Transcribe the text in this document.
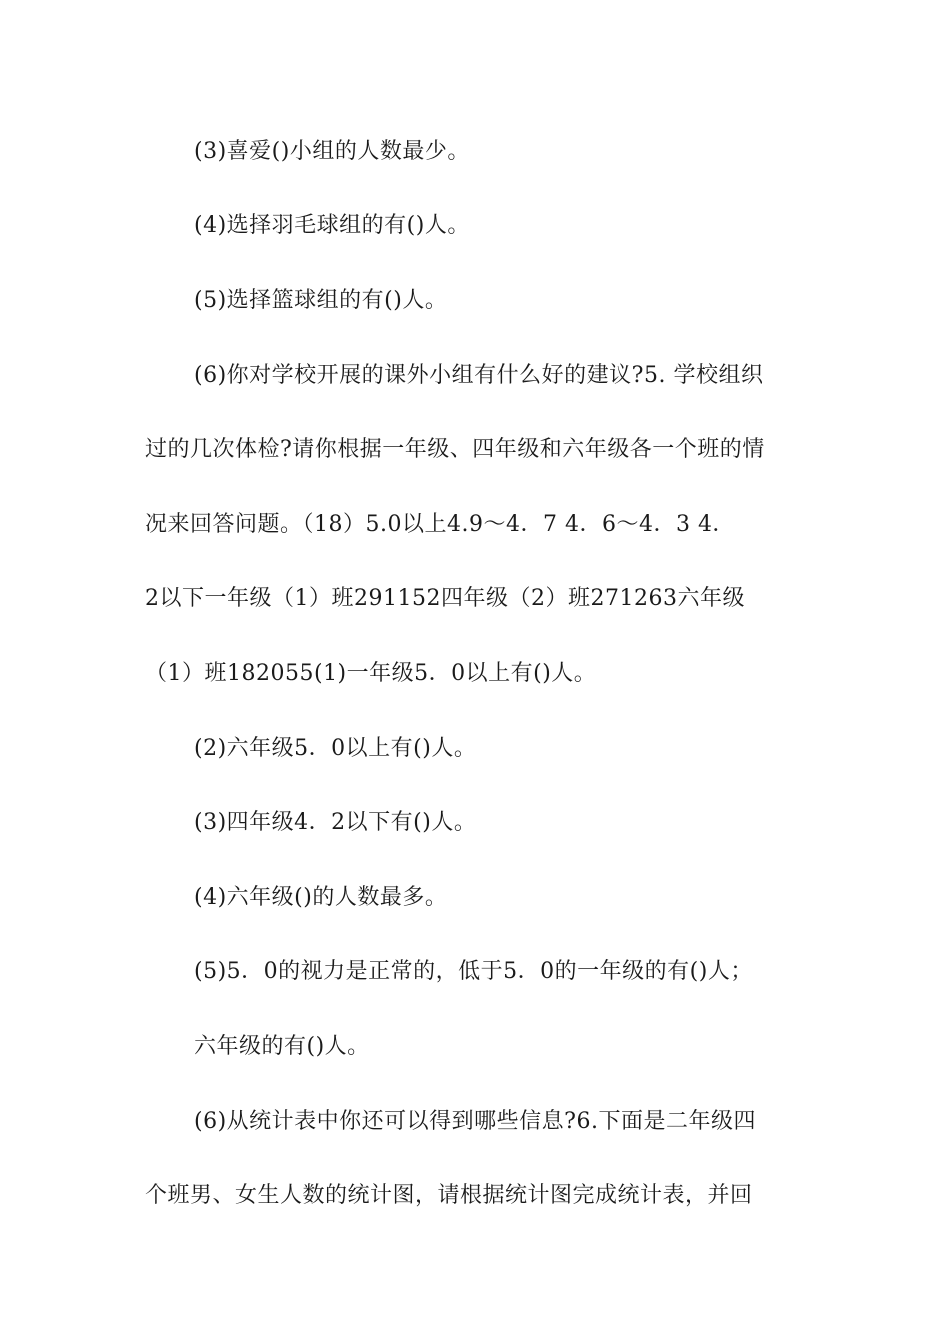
(3)喜爱()小组的人数最少。

(4)选择羽毛球组的有()人。

(5)选择篮球组的有()人。

(6)你对学校开展的课外小组有什么好的建议?5. 学校组织

过的几次体检?请你根据一年级、四年级和六年级各一个班的情

况来回答问题。（18）5.0以上4.9～4．7 4．6～4．3 4．

2以下一年级（1）班291152四年级（2）班271263六年级

（1）班182055(1)一年级5．0以上有()人。

(2)六年级5．0以上有()人。

(3)四年级4．2以下有()人。

(4)六年级()的人数最多。

(5)5．0的视力是正常的，低于5．0的一年级的有()人；

六年级的有()人。

(6)从统计表中你还可以得到哪些信息?6.下面是二年级四

个班男、女生人数的统计图，请根据统计图完成统计表，并回
